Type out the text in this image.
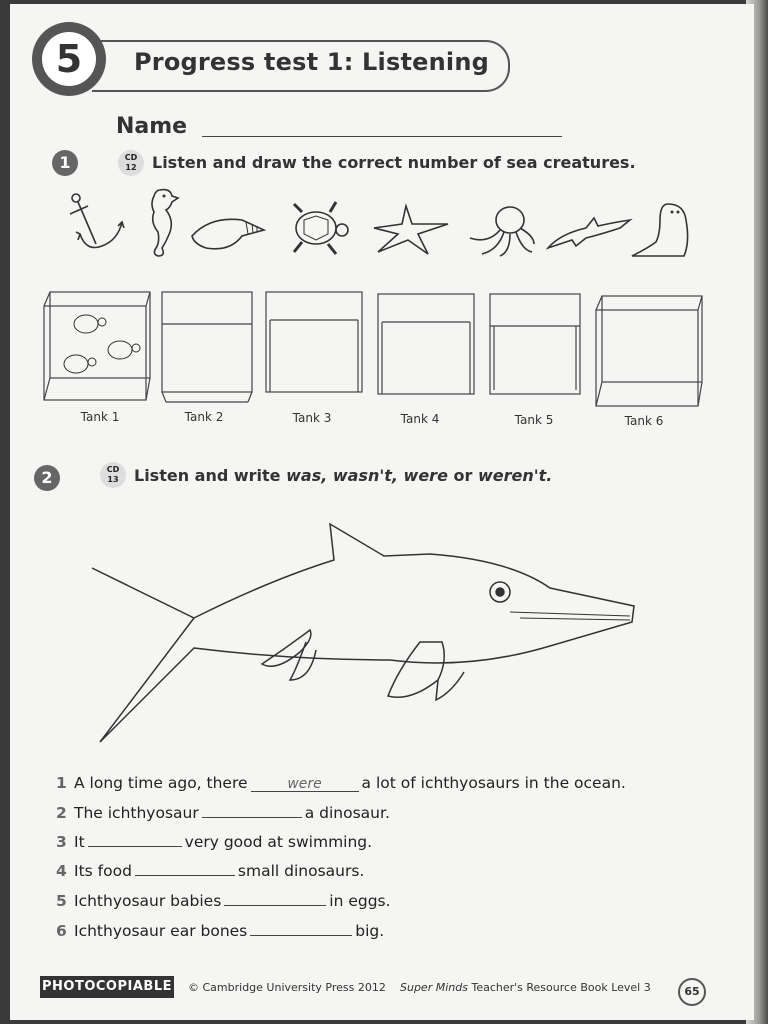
5	Progress test 1: Listening
Name
1	CD
12 Listen and draw the correct number of sea creatures.
Tank 1	Tank 2	Tank 3	Tank 4	Tank 5	Tank 6
2	CD
13 Listen and write was, wasn't, were or weren't.
1 A long time ago, there	were	a lot of ichthyosaurs in the ocean.
2 The ichthyosaur	a dinosaur.
3 It	very good at swimming.
4 Its food	small dinosaurs.
5 Ichthyosaur babies	in eggs.
6 Ichthyosaur ear bones	big.
PHOTOCOPIABLE © Cambridge University Press 2012 Super Minds Teacher's Resource Book Level 3	65
